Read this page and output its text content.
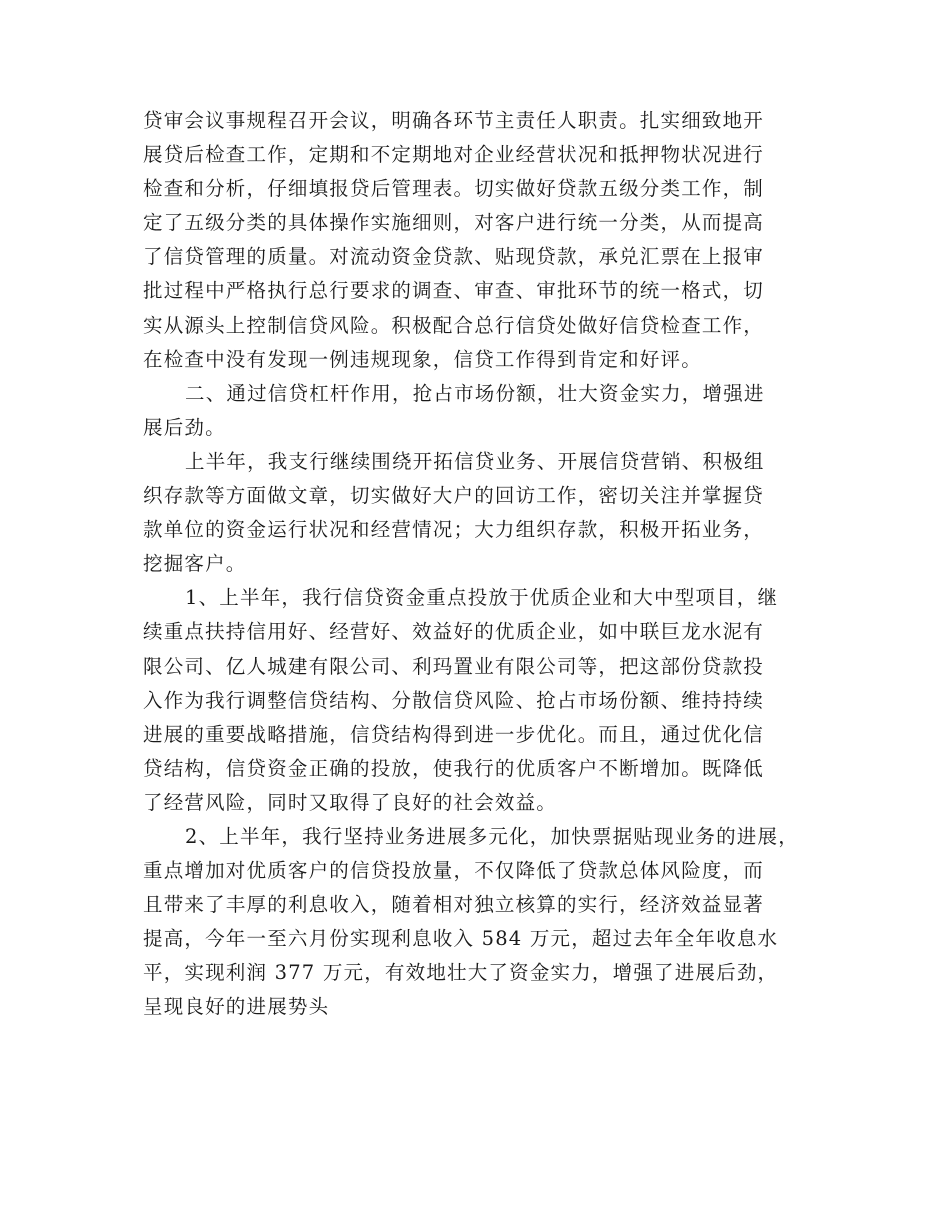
贷审会议事规程召开会议，明确各环节主责任人职责。扎实细致地开
展贷后检查工作，定期和不定期地对企业经营状况和抵押物状况进行
检查和分析，仔细填报贷后管理表。切实做好贷款五级分类工作，制
定了五级分类的具体操作实施细则，对客户进行统一分类，从而提高
了信贷管理的质量。对流动资金贷款、贴现贷款，承兑汇票在上报审
批过程中严格执行总行要求的调查、审查、审批环节的统一格式，切
实从源头上控制信贷风险。积极配合总行信贷处做好信贷检查工作，
在检查中没有发现一例违规现象，信贷工作得到肯定和好评。
二、通过信贷杠杆作用，抢占市场份额，壮大资金实力，增强进
展后劲。
上半年，我支行继续围绕开拓信贷业务、开展信贷营销、积极组
织存款等方面做文章，切实做好大户的回访工作，密切关注并掌握贷
款单位的资金运行状况和经营情况；大力组织存款，积极开拓业务，
挖掘客户。
1、上半年，我行信贷资金重点投放于优质企业和大中型项目，继
续重点扶持信用好、经营好、效益好的优质企业，如中联巨龙水泥有
限公司、亿人城建有限公司、利玛置业有限公司等，把这部份贷款投
入作为我行调整信贷结构、分散信贷风险、抢占市场份额、维持持续
进展的重要战略措施，信贷结构得到进一步优化。而且，通过优化信
贷结构，信贷资金正确的投放，使我行的优质客户不断增加。既降低
了经营风险，同时又取得了良好的社会效益。
2、上半年，我行坚持业务进展多元化，加快票据贴现业务的进展，
重点增加对优质客户的信贷投放量，不仅降低了贷款总体风险度，而
且带来了丰厚的利息收入，随着相对独立核算的实行，经济效益显著
提高，今年一至六月份实现利息收入 584 万元，超过去年全年收息水
平，实现利润 377 万元，有效地壮大了资金实力，增强了进展后劲，
呈现良好的进展势头
